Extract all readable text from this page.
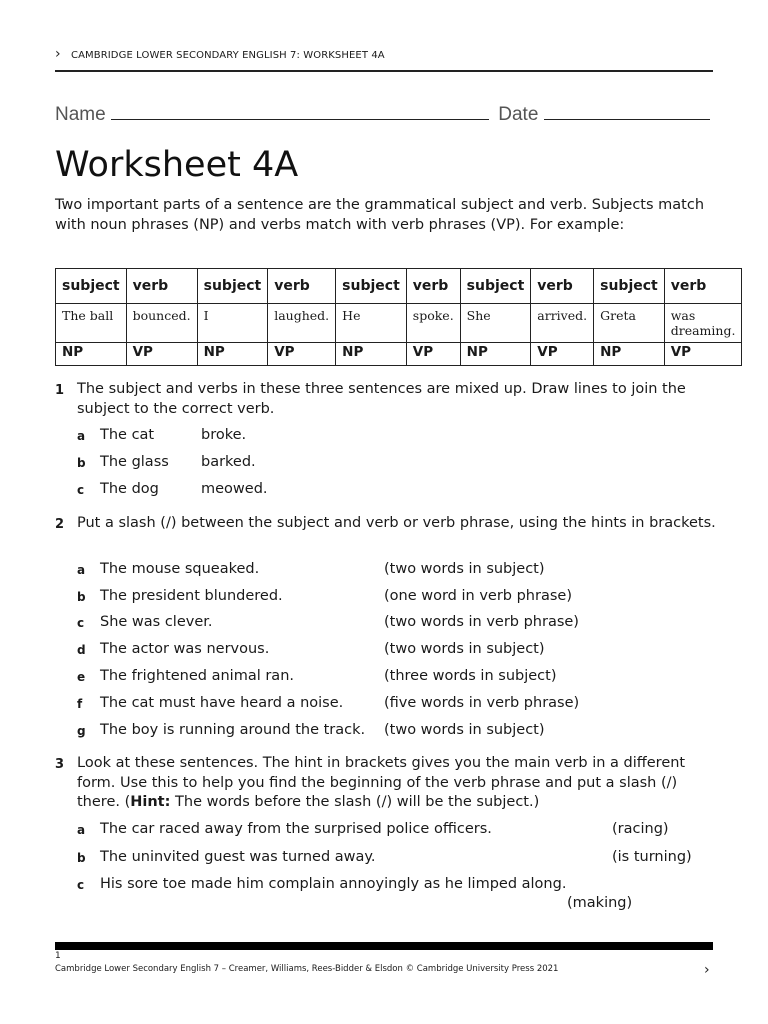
› CAMBRIDGE LOWER SECONDARY ENGLISH 7: WORKSHEET 4A
Name	Date
Worksheet 4A
Two important parts of a sentence are the grammatical subject and verb. Subjects match with noun phrases (NP) and verbs match with verb phrases (VP). For example:
subject	verb	subject	verb	subject	verb	subject	verb	subject	verb
The ball	bounced.	I	laughed.	He	spoke.	She	arrived.	Greta	was dreaming.
NP	VP	NP	VP	NP	VP	NP	VP	NP	VP
1 The subject and verbs in these three sentences are mixed up. Draw lines to join the subject to the correct verb.
a The cat	broke.
b The glass barked.
c The dog	meowed.
2 Put a slash (/) between the subject and verb or verb phrase, using the hints in brackets.
a The mouse squeaked.	(two words in subject)
b The president blundered.	(one word in verb phrase)
c She was clever.	(two words in verb phrase)
d The actor was nervous.	(two words in subject)
e The frightened animal ran.	(three words in subject)
f The cat must have heard a noise.	(five words in verb phrase)
g The boy is running around the track. (two words in subject)
3 Look at these sentences. The hint in brackets gives you the main verb in a different form. Use this to help you find the beginning of the verb phrase and put a slash (/) there. (Hint: The words before the slash (/) will be the subject.)
a The car raced away from the surprised police officers.	(racing)
b The uninvited guest was turned away.	(is turning)
c His sore toe made him complain annoyingly as he limped along.
(making)
1
Cambridge Lower Secondary English 7 – Creamer, Williams, Rees-Bidder & Elsdon © Cambridge University Press 2021	›
